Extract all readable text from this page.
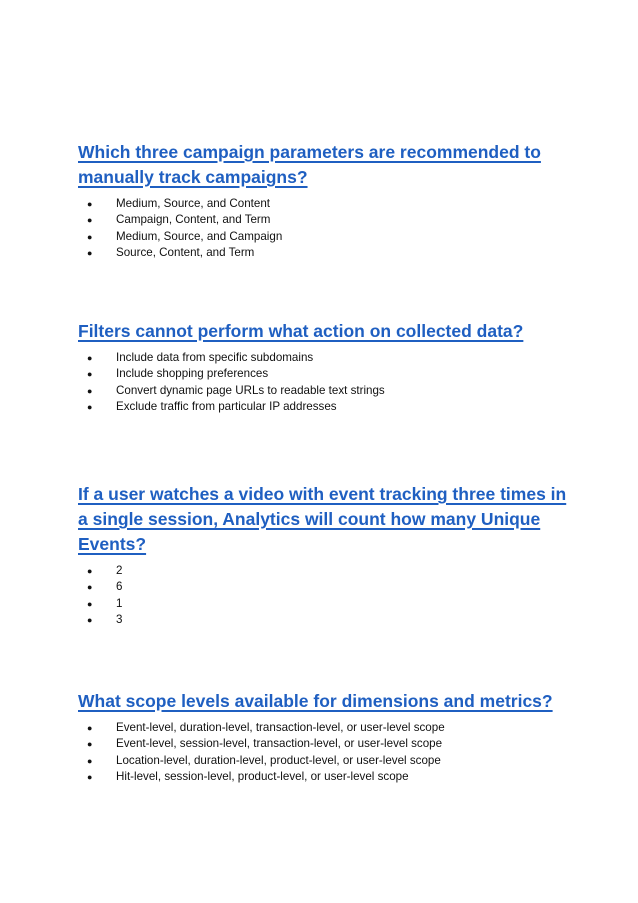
Which three campaign parameters are recommended to manually track campaigns?
● Medium, Source, and Content
● Campaign, Content, and Term
● Medium, Source, and Campaign
● Source, Content, and Term
Filters cannot perform what action on collected data?
● Include data from specific subdomains
● Include shopping preferences
● Convert dynamic page URLs to readable text strings
● Exclude traffic from particular IP addresses
If a user watches a video with event tracking three times in a single session, Analytics will count how many Unique Events?
● 2
● 6
● 1
● 3
What scope levels available for dimensions and metrics?
● Event-level, duration-level, transaction-level, or user-level scope
● Event-level, session-level, transaction-level, or user-level scope
● Location-level, duration-level, product-level, or user-level scope
● Hit-level, session-level, product-level, or user-level scope
